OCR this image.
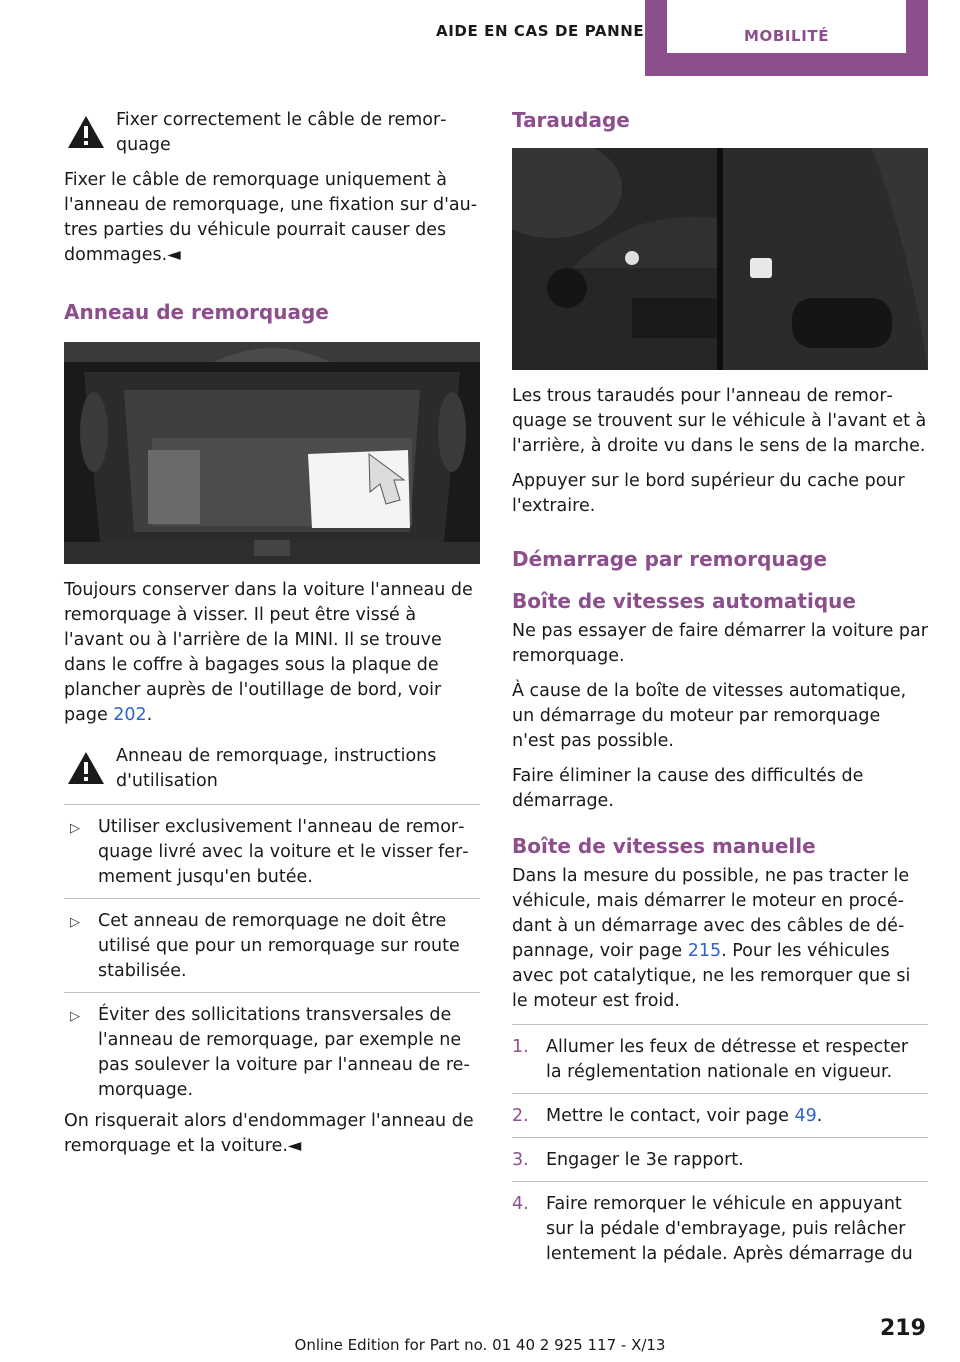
AIDE EN CAS DE PANNE	MOBILITÉ
Fixer correctement le câble de remorquage

Fixer le câble de remorquage uniquement à l'anneau de remorquage, une fixation sur d'autres parties du véhicule pourrait causer des dommages.◄

Anneau de remorquage

Toujours conserver dans la voiture l'anneau de remorquage à visser. Il peut être vissé à l'avant ou à l'arrière de la MINI. Il se trouve dans le coffre à bagages sous la plaque de plancher auprès de l'outillage de bord, voir page 202.

Anneau de remorquage, instructions d'utilisation
▷ Utiliser exclusivement l'anneau de remorquage livré avec la voiture et le visser fermement jusqu'en butée.
▷ Cet anneau de remorquage ne doit être utilisé que pour un remorquage sur route stabilisée.
▷ Éviter des sollicitations transversales de l'anneau de remorquage, par exemple ne pas soulever la voiture par l'anneau de remorquage.

On risquerait alors d'endommager l'anneau de remorquage et la voiture.◄

Taraudage

Les trous taraudés pour l'anneau de remorquage se trouvent sur le véhicule à l'avant et à l'arrière, à droite vu dans le sens de la marche.

Appuyer sur le bord supérieur du cache pour l'extraire.

Démarrage par remorquage
Boîte de vitesses automatique

Ne pas essayer de faire démarrer la voiture par remorquage.

À cause de la boîte de vitesses automatique, un démarrage du moteur par remorquage n'est pas possible.

Faire éliminer la cause des difficultés de démarrage.

Boîte de vitesses manuelle

Dans la mesure du possible, ne pas tracter le véhicule, mais démarrer le moteur en procédant à un démarrage avec des câbles de dépannage, voir page 215. Pour les véhicules avec pot catalytique, ne les remorquer que si le moteur est froid.

1. Allumer les feux de détresse et respecter la réglementation nationale en vigueur.
2. Mettre le contact, voir page 49.
3. Engager le 3e rapport.
4. Faire remorquer le véhicule en appuyant sur la pédale d'embrayage, puis relâcher lentement la pédale. Après démarrage du
219
Online Edition for Part no. 01 40 2 925 117 - X/13
